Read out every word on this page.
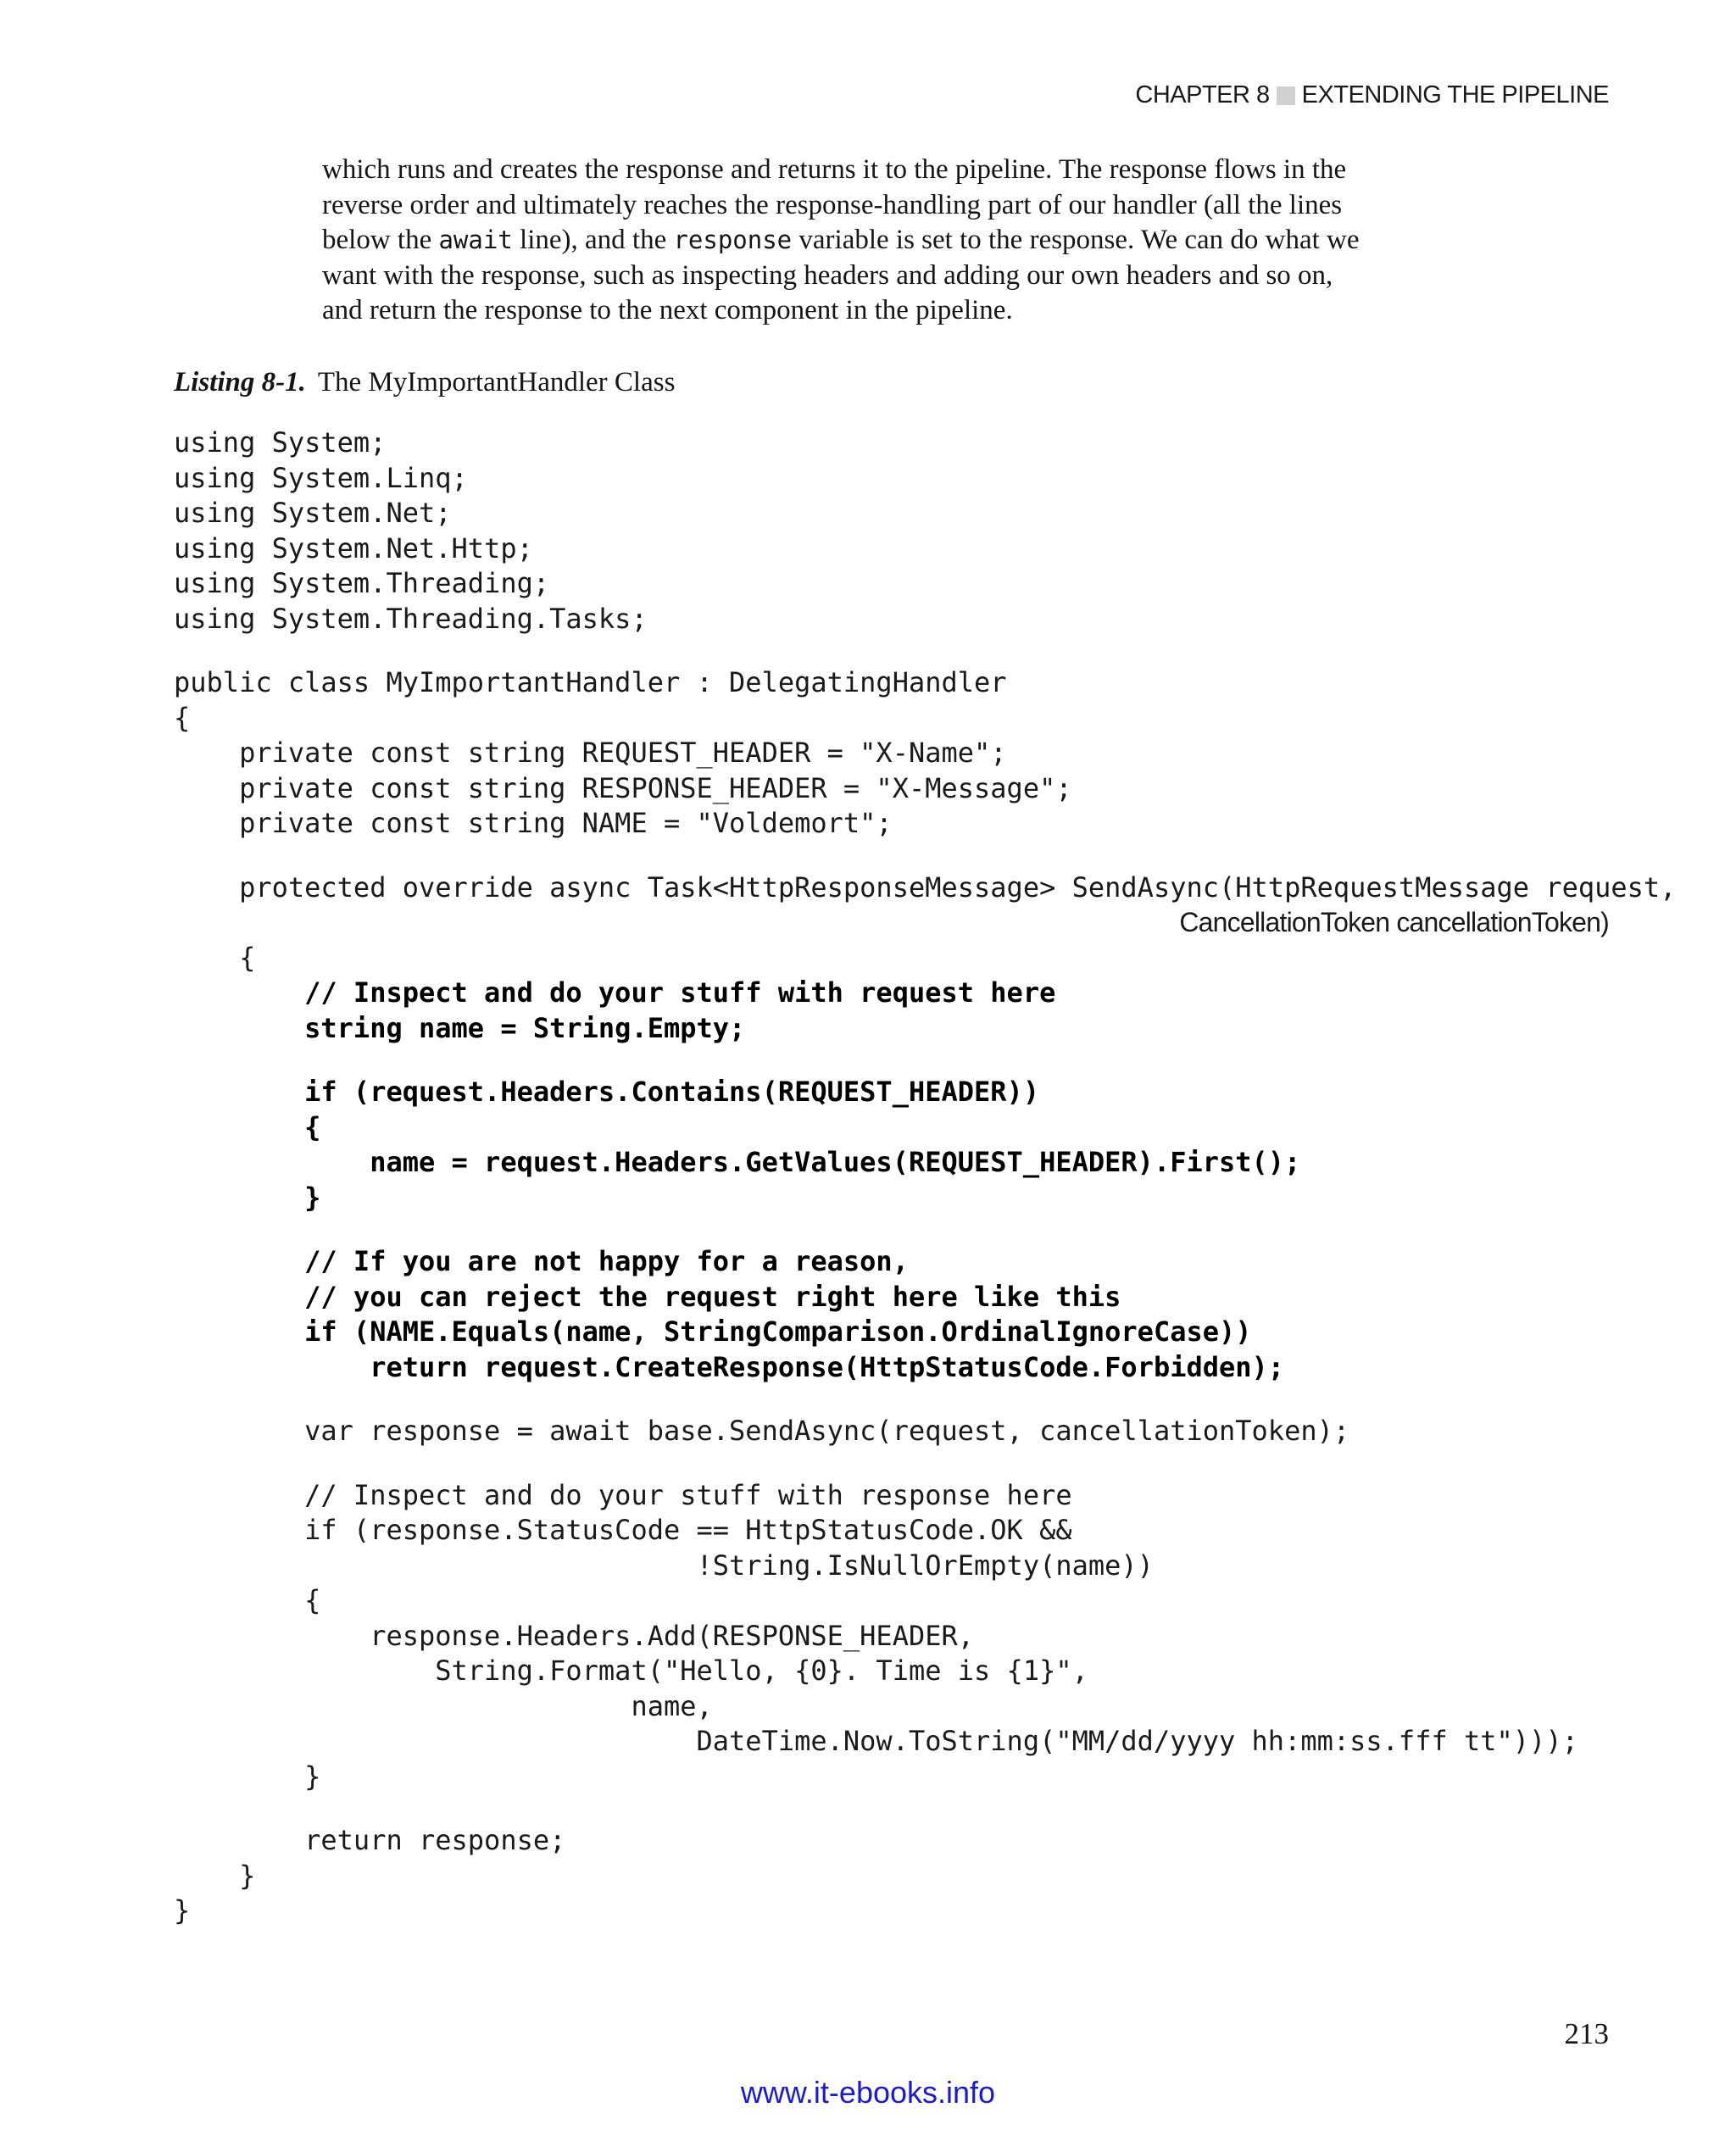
CHAPTER 8 EXTENDING THE PIPELINE

which runs and creates the response and returns it to the pipeline. The response flows in the
reverse order and ultimately reaches the response-handling part of our handler (all the lines
below the await line), and the response variable is set to the response. We can do what we
want with the response, such as inspecting headers and adding our own headers and so on,
and return the response to the next component in the pipeline.

Listing 8-1. The MyImportantHandler Class
using System;
using System.Linq;
using System.Net;
using System.Net.Http;
using System.Threading;
using System.Threading.Tasks;
public class MyImportantHandler : DelegatingHandler
{
private const string REQUEST_HEADER = "X-Name";
private const string RESPONSE_HEADER = "X-Message";
private const string NAME = "Voldemort";
protected override async Task<HttpResponseMessage> SendAsync(HttpRequestMessage request,
CancellationToken cancellationToken)
{
// Inspect and do your stuff with request here
string name = String.Empty;
if (request.Headers.Contains(REQUEST_HEADER))
{
name = request.Headers.GetValues(REQUEST_HEADER).First();
}
// If you are not happy for a reason,
// you can reject the request right here like this
if (NAME.Equals(name, StringComparison.OrdinalIgnoreCase))
return request.CreateResponse(HttpStatusCode.Forbidden);
var response = await base.SendAsync(request, cancellationToken);
// Inspect and do your stuff with response here
if (response.StatusCode == HttpStatusCode.OK &&
!String.IsNullOrEmpty(name))
{
response.Headers.Add(RESPONSE_HEADER,
String.Format("Hello, {0}. Time is {1}",
name,
DateTime.Now.ToString("MM/dd/yyyy hh:mm:ss.fff tt")));
}
return response;
}
}
213
www.it-ebooks.info
